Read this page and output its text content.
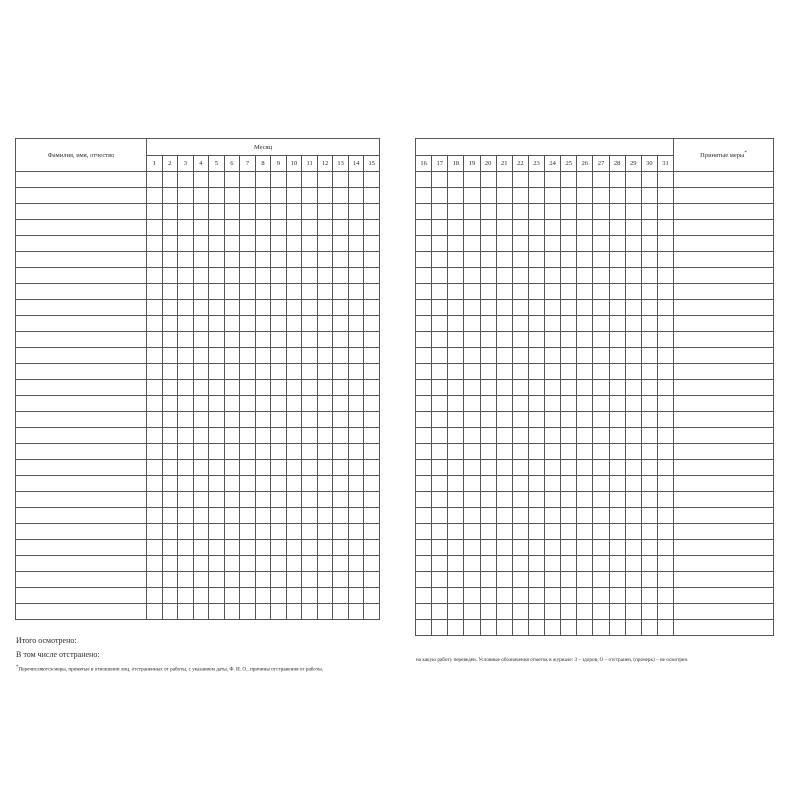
Фамилия, имя, отчество	Месяц														
	1	2	3	4	5	6	7	8	9	10	11	12	13	14	15

Итого осмотрено:
В том числе отстранено:
*Перечисляются меры, принятые в отношении лиц, отстраненных от работы, с указанием даты, Ф. И. О., причины отстранения от работы,
																Принятые меры*
16	17	18	19	20	21	22	23	24	25	26	27	28	29	30	31	

на какую работу переведен. Условные обозначения отметок в журнале: З – здоров, О – отстранен, (прочерк) – не осмотрен.
